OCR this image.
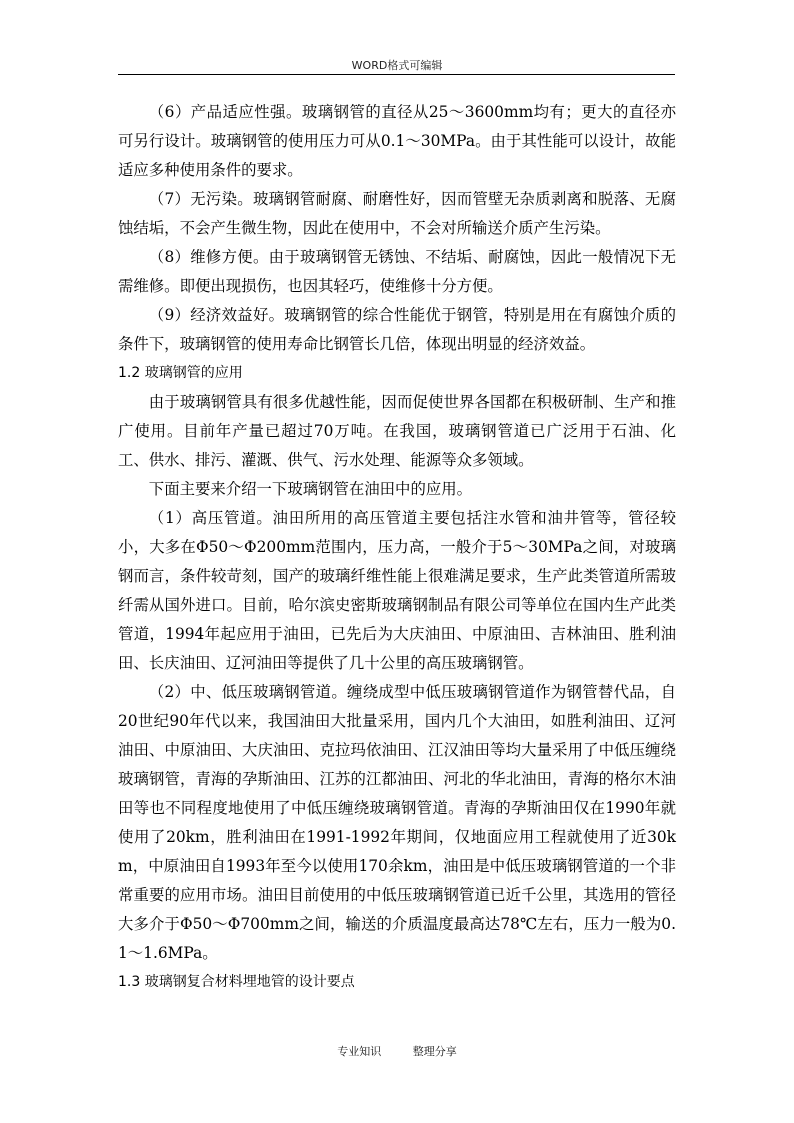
WORD格式可编辑

（6）产品适应性强。玻璃钢管的直径从25～3600mm均有；更大的直径亦可另行设计。玻璃钢管的使用压力可从0.1～30MPa。由于其性能可以设计，故能适应多种使用条件的要求。

（7）无污染。玻璃钢管耐腐、耐磨性好，因而管壁无杂质剥离和脱落、无腐蚀结垢，不会产生微生物，因此在使用中，不会对所输送介质产生污染。

（8）维修方便。由于玻璃钢管无锈蚀、不结垢、耐腐蚀，因此一般情况下无需维修。即便出现损伤，也因其轻巧，使维修十分方便。

（9）经济效益好。玻璃钢管的综合性能优于钢管，特别是用在有腐蚀介质的条件下，玻璃钢管的使用寿命比钢管长几倍，体现出明显的经济效益。

1.2 玻璃钢管的应用

由于玻璃钢管具有很多优越性能，因而促使世界各国都在积极研制、生产和推广使用。目前年产量已超过70万吨。在我国，玻璃钢管道已广泛用于石油、化工、供水、排污、灌溉、供气、污水处理、能源等众多领域。

下面主要来介绍一下玻璃钢管在油田中的应用。

（1）高压管道。油田所用的高压管道主要包括注水管和油井管等，管径较小，大多在Φ50～Φ200mm范围内，压力高，一般介于5～30MPa之间，对玻璃钢而言，条件较苛刻，国产的玻璃纤维性能上很难满足要求，生产此类管道所需玻纤需从国外进口。目前，哈尔滨史密斯玻璃钢制品有限公司等单位在国内生产此类管道，1994年起应用于油田，已先后为大庆油田、中原油田、吉林油田、胜利油田、长庆油田、辽河油田等提供了几十公里的高压玻璃钢管。

（2）中、低压玻璃钢管道。缠绕成型中低压玻璃钢管道作为钢管替代品，自20世纪90年代以来，我国油田大批量采用，国内几个大油田，如胜利油田、辽河油田、中原油田、大庆油田、克拉玛依油田、江汉油田等均大量采用了中低压缠绕玻璃钢管，青海的孕斯油田、江苏的江都油田、河北的华北油田，青海的格尔木油田等也不同程度地使用了中低压缠绕玻璃钢管道。青海的孕斯油田仅在1990年就使用了20km，胜利油田在1991-1992年期间，仅地面应用工程就使用了近30km，中原油田自1993年至今以使用170余km，油田是中低压玻璃钢管道的一个非常重要的应用市场。油田目前使用的中低压玻璃钢管道已近千公里，其选用的管径大多介于Φ50～Φ700mm之间，输送的介质温度最高达78℃左右，压力一般为0.1～1.6MPa。

1.3 玻璃钢复合材料埋地管的设计要点

专业知识	整理分享
